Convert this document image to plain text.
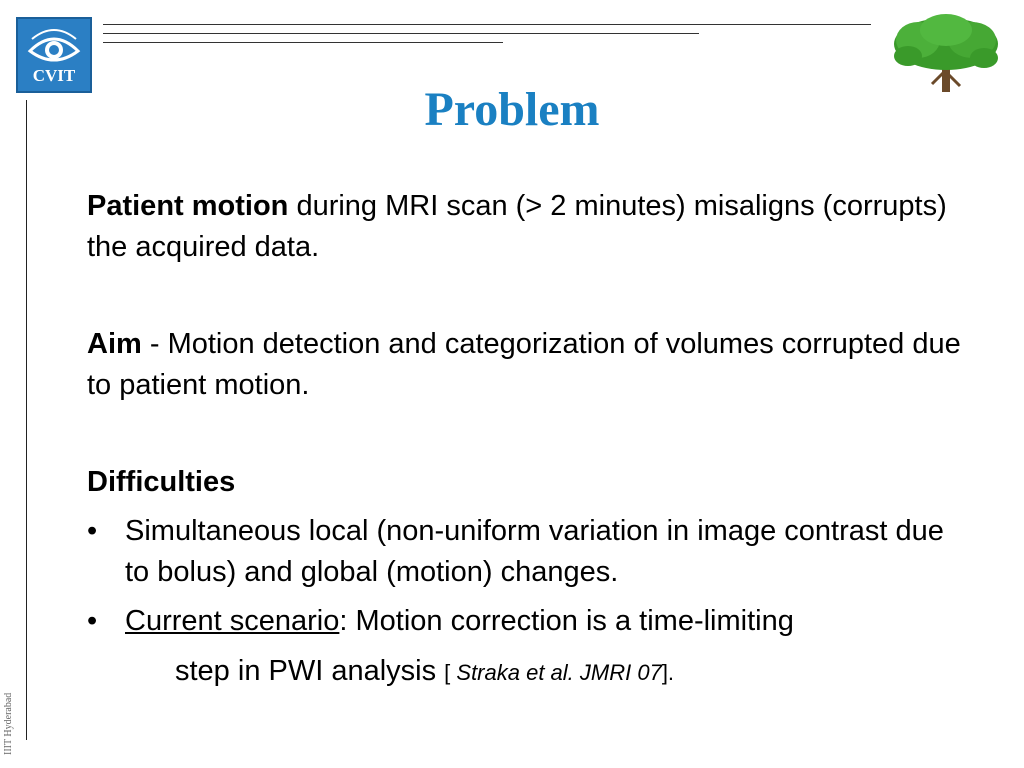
CVIT
IIIT Hyderabad
Problem

Patient motion during MRI scan (> 2 minutes) misaligns (corrupts) the acquired data.

Aim - Motion detection and categorization of volumes corrupted due to patient motion.

Difficulties
• Simultaneous local (non-uniform variation in image contrast due to bolus) and global (motion) changes.
• Current scenario: Motion correction is a time-limiting
step in PWI analysis [ Straka et al. JMRI 07].
